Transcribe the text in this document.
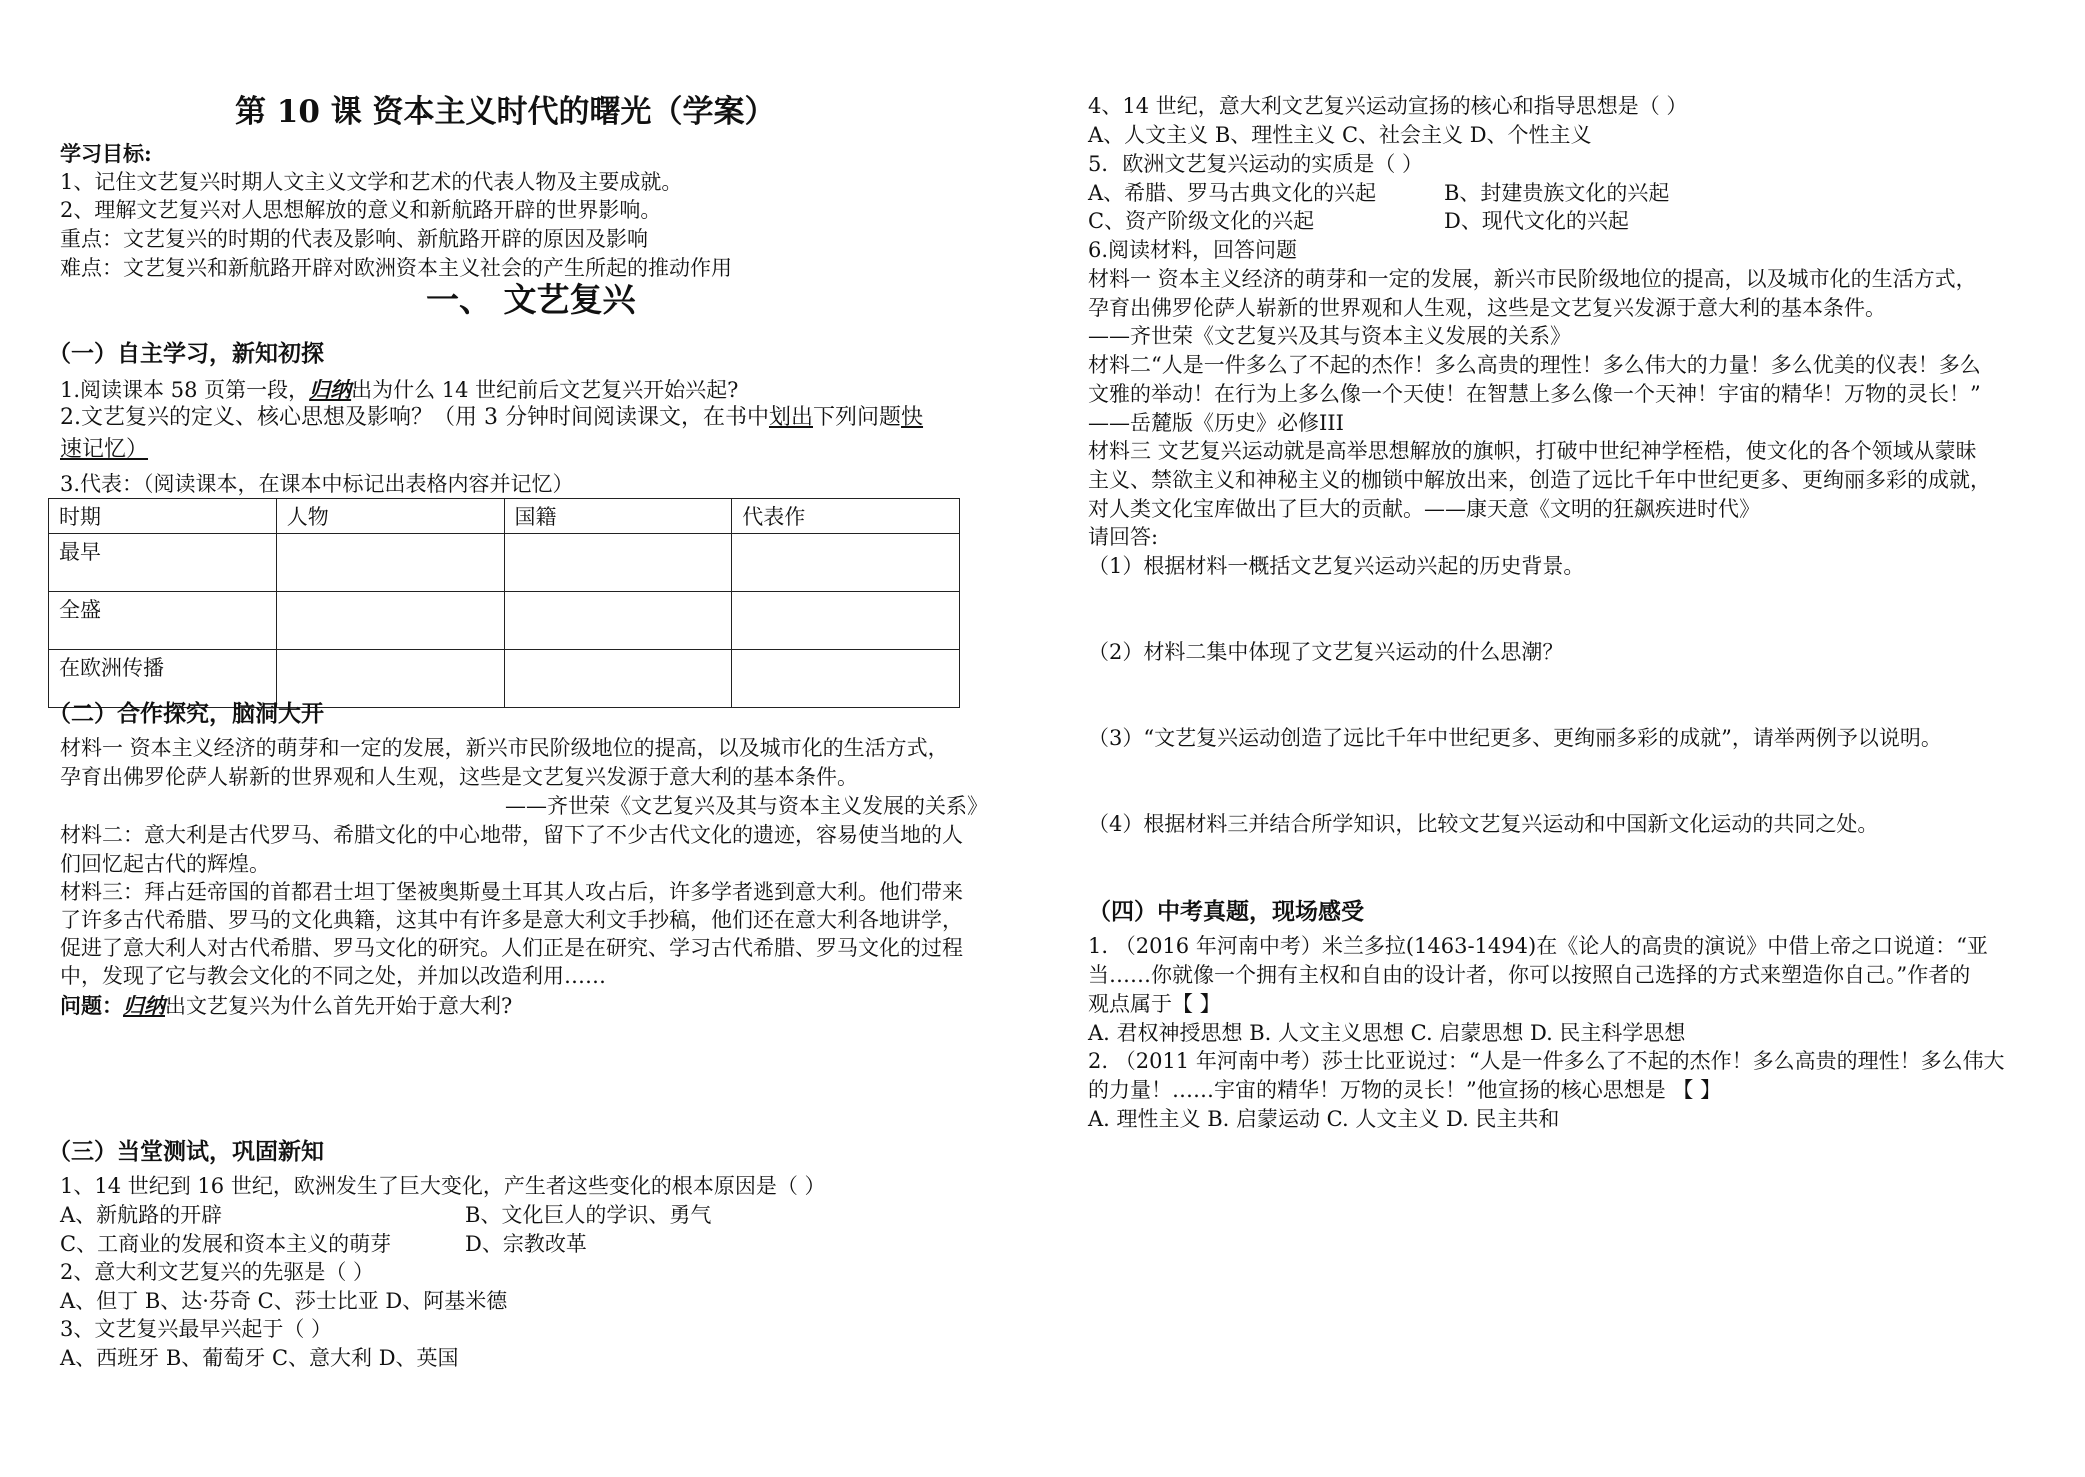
第 10 课 资本主义时代的曙光（学案）
学习目标:
1、记住文艺复兴时期人文主义文学和艺术的代表人物及主要成就。
2、理解文艺复兴对人思想解放的意义和新航路开辟的世界影响。
重点：文艺复兴的时期的代表及影响、新航路开辟的原因及影响
难点：文艺复兴和新航路开辟对欧洲资本主义社会的产生所起的推动作用
一、 文艺复兴
（一）自主学习，新知初探
1.阅读课本 58 页第一段，归纳出为什么 14 世纪前后文艺复兴开始兴起?
2.文艺复兴的定义、核心思想及影响？（用 3 分钟时间阅读课文，在书中划出下列问题快
速记忆）
3.代表：（阅读课本，在课本中标记出表格内容并记忆）
时期	人物	国籍	代表作
最早			
全盛			
在欧洲传播			
（二）合作探究，脑洞大开
材料一 资本主义经济的萌芽和一定的发展，新兴市民阶级地位的提高，以及城市化的生活方式，
孕育出佛罗伦萨人崭新的世界观和人生观，这些是文艺复兴发源于意大利的基本条件。
——齐世荣《文艺复兴及其与资本主义发展的关系》
材料二：意大利是古代罗马、希腊文化的中心地带，留下了不少古代文化的遗迹，容易使当地的人
们回忆起古代的辉煌。
材料三：拜占廷帝国的首都君士坦丁堡被奥斯曼土耳其人攻占后，许多学者逃到意大利。他们带来
了许多古代希腊、罗马的文化典籍，这其中有许多是意大利文手抄稿，他们还在意大利各地讲学，
促进了意大利人对古代希腊、罗马文化的研究。人们正是在研究、学习古代希腊、罗马文化的过程
中，发现了它与教会文化的不同之处，并加以改造利用……
问题：归纳出文艺复兴为什么首先开始于意大利?
（三）当堂测试，巩固新知
1、14 世纪到 16 世纪，欧洲发生了巨大变化，产生者这些变化的根本原因是（ ）
A、新航路的开辟	B、文化巨人的学识、勇气
C、工商业的发展和资本主义的萌芽	D、宗教改革
2、意大利文艺复兴的先驱是（ ）
A、但丁 B、达·芬奇 C、莎士比亚 D、阿基米德
3、文艺复兴最早兴起于（ ）
A、西班牙 B、葡萄牙 C、意大利 D、英国
4、14 世纪，意大利文艺复兴运动宣扬的核心和指导思想是（ ）
A、人文主义 B、理性主义 C、社会主义 D、个性主义
5．欧洲文艺复兴运动的实质是（ ）
A、希腊、罗马古典文化的兴起	B、封建贵族文化的兴起
C、资产阶级文化的兴起	D、现代文化的兴起
6.阅读材料，回答问题
材料一 资本主义经济的萌芽和一定的发展，新兴市民阶级地位的提高，以及城市化的生活方式，
孕育出佛罗伦萨人崭新的世界观和人生观，这些是文艺复兴发源于意大利的基本条件。
——齐世荣《文艺复兴及其与资本主义发展的关系》
材料二“人是一件多么了不起的杰作！多么高贵的理性！多么伟大的力量！多么优美的仪表！多么
文雅的举动！在行为上多么像一个天使！在智慧上多么像一个天神！宇宙的精华！万物的灵长！”
——岳麓版《历史》必修III
材料三 文艺复兴运动就是高举思想解放的旗帜，打破中世纪神学桎梏，使文化的各个领域从蒙昧
主义、禁欲主义和神秘主义的枷锁中解放出来，创造了远比千年中世纪更多、更绚丽多彩的成就，
对人类文化宝库做出了巨大的贡献。——康天意《文明的狂飙疾进时代》
请回答:
（1）根据材料一概括文艺复兴运动兴起的历史背景。
（2）材料二集中体现了文艺复兴运动的什么思潮？
（3）“文艺复兴运动创造了远比千年中世纪更多、更绚丽多彩的成就”，请举两例予以说明。
（4）根据材料三并结合所学知识，比较文艺复兴运动和中国新文化运动的共同之处。
（四）中考真题，现场感受
1. （2016 年河南中考）米兰多拉(1463-1494)在《论人的高贵的演说》中借上帝之口说道：“亚
当……你就像一个拥有主权和自由的设计者，你可以按照自己选择的方式来塑造你自己。”作者的
观点属于【 】
A. 君权神授思想 B. 人文主义思想 C. 启蒙思想 D. 民主科学思想
2. （2011 年河南中考）莎士比亚说过：“人是一件多么了不起的杰作！多么高贵的理性！多么伟大
的力量！……宇宙的精华！万物的灵长！”他宣扬的核心思想是 【 】
A. 理性主义 B. 启蒙运动 C. 人文主义 D. 民主共和
